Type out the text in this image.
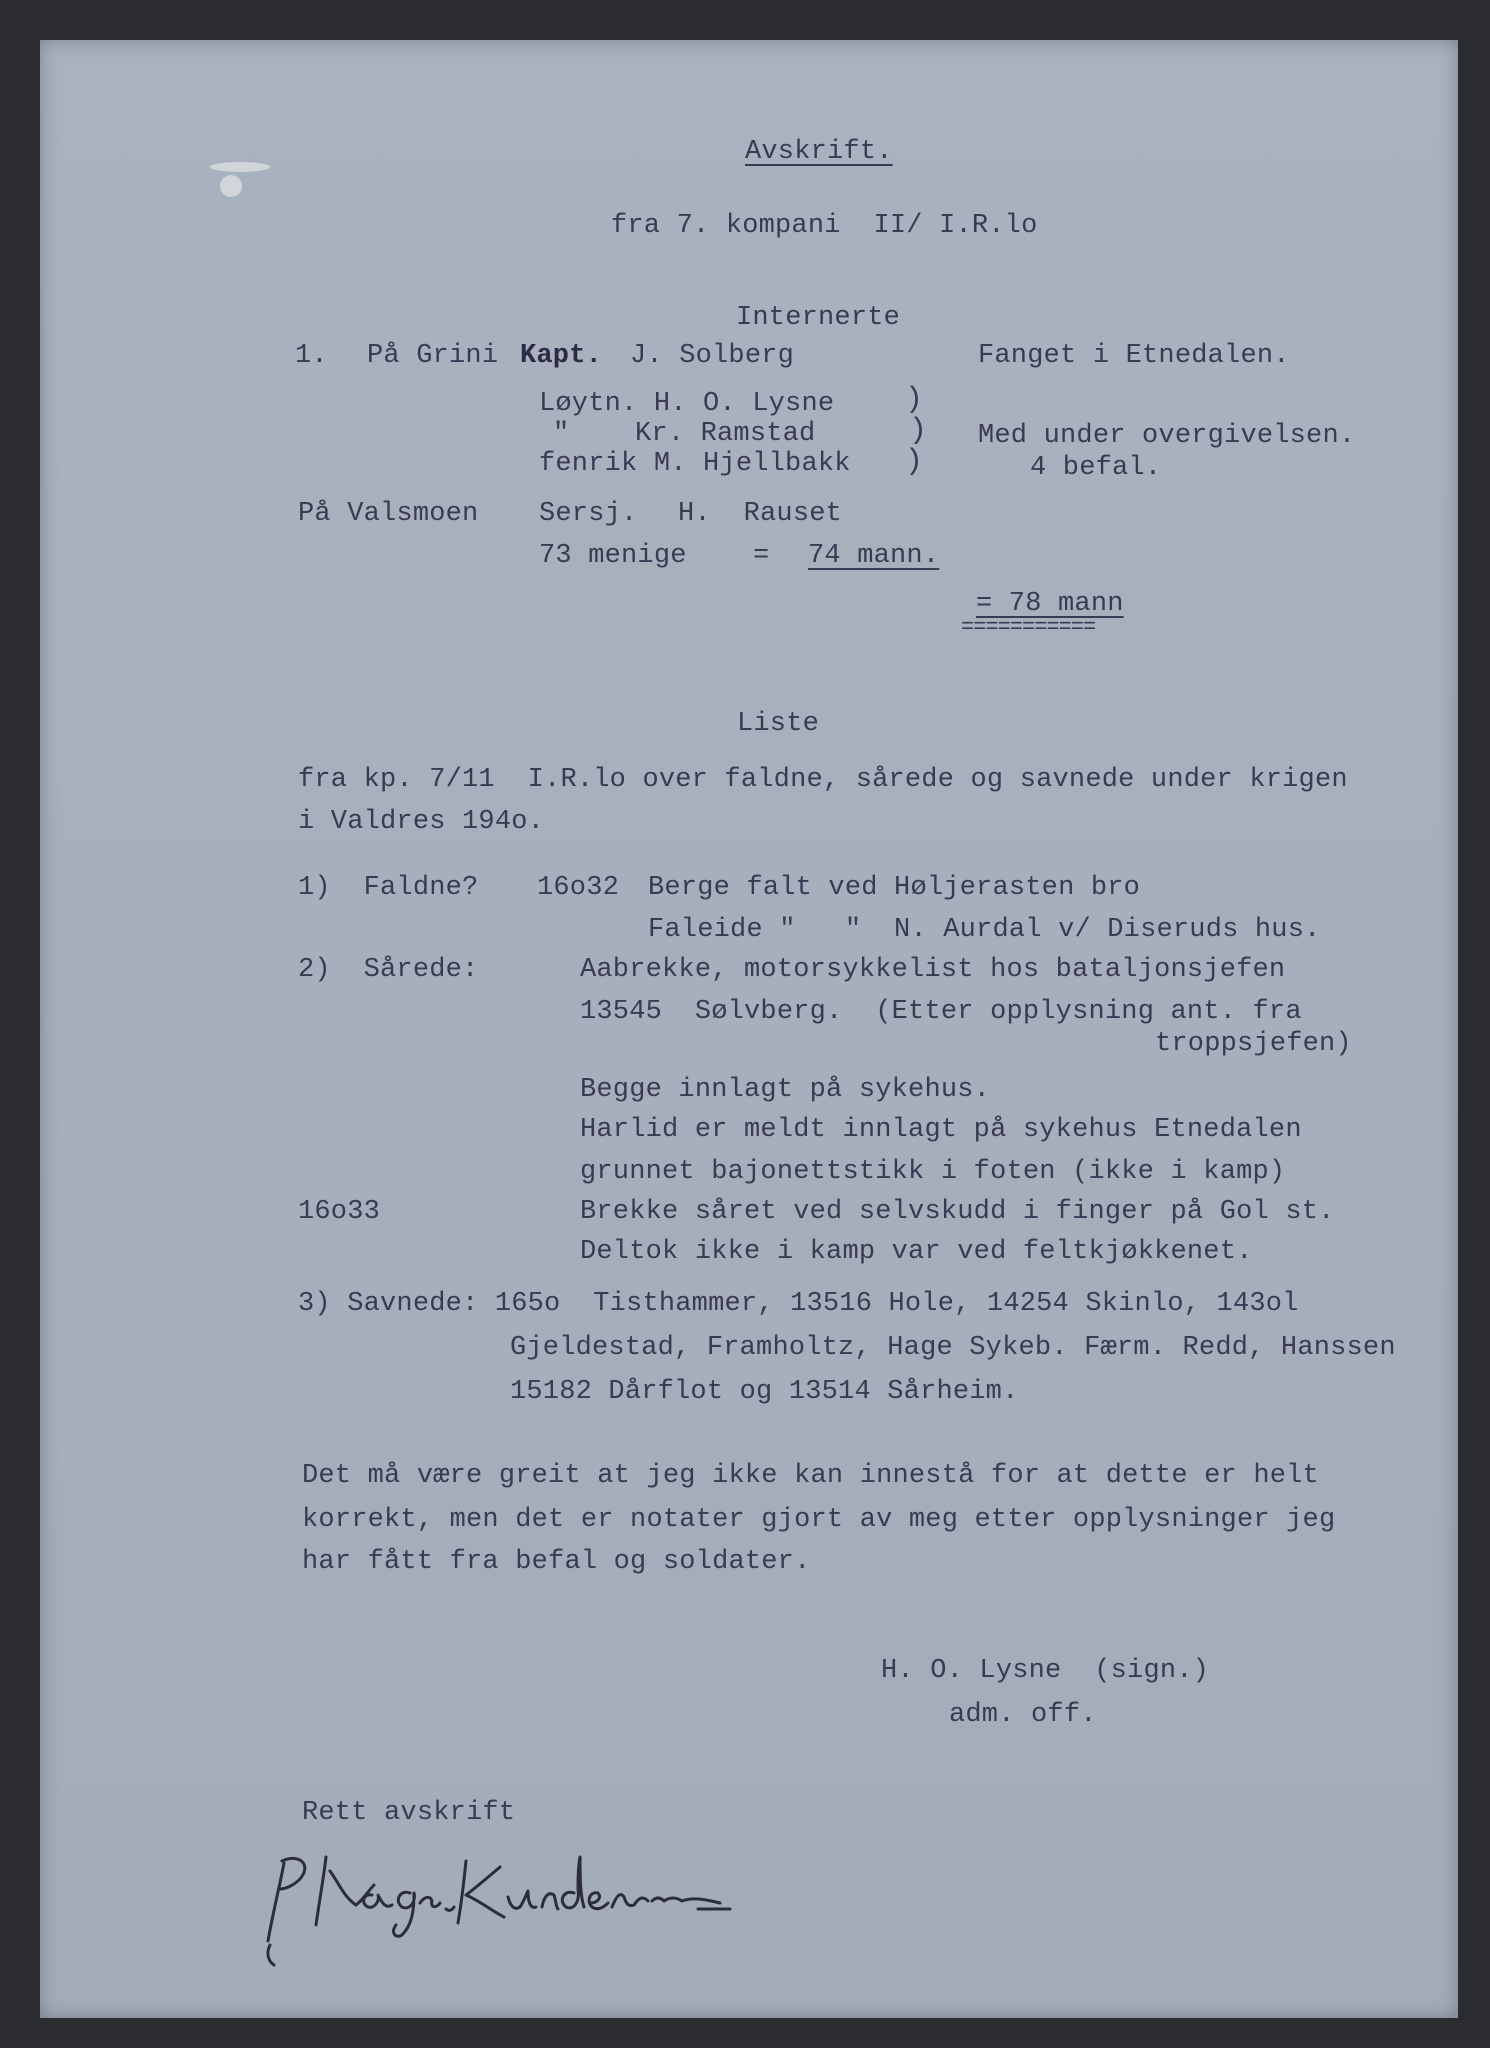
Avskrift.
fra 7. kompani  II/ I.R.lo
Internerte
1. På Grini Kapt. J. Solberg	Fanget i Etnedalen.
Løytn. H. O. Lysne
"    Kr. Ramstad
fenrik M. Hjellbakk
)
)
)
Med under overgivelsen.
4 befal.
På Valsmoen Sersj. H.  Rauset
73 menige = 74 mann.
= 78 mann
===========
Liste
fra kp. 7/11  I.R.lo over faldne, sårede og savnede under krigen
i Valdres 194o.
1)  Faldne? 16o32 Berge falt ved Høljerasten bro
Faleide "   "  N. Aurdal v/ Diseruds hus.
2)  Sårede:	Aabrekke, motorsykkelist hos bataljonsjefen
13545  Sølvberg.  (Etter opplysning ant. fra
troppsjefen)
Begge innlagt på sykehus.
Harlid er meldt innlagt på sykehus Etnedalen
grunnet bajonettstikk i foten (ikke i kamp)
16o33	Brekke såret ved selvskudd i finger på Gol st.
Deltok ikke i kamp var ved feltkjøkkenet.
3) Savnede: 165o  Tisthammer, 13516 Hole, 14254 Skinlo, 143ol
Gjeldestad, Framholtz, Hage Sykeb. Færm. Redd, Hanssen
15182 Dårflot og 13514 Sårheim.
Det må være greit at jeg ikke kan innestå for at dette er helt
korrekt, men det er notater gjort av meg etter opplysninger jeg
har fått fra befal og soldater.
H. O. Lysne  (sign.)
adm. off.
Rett avskrift
